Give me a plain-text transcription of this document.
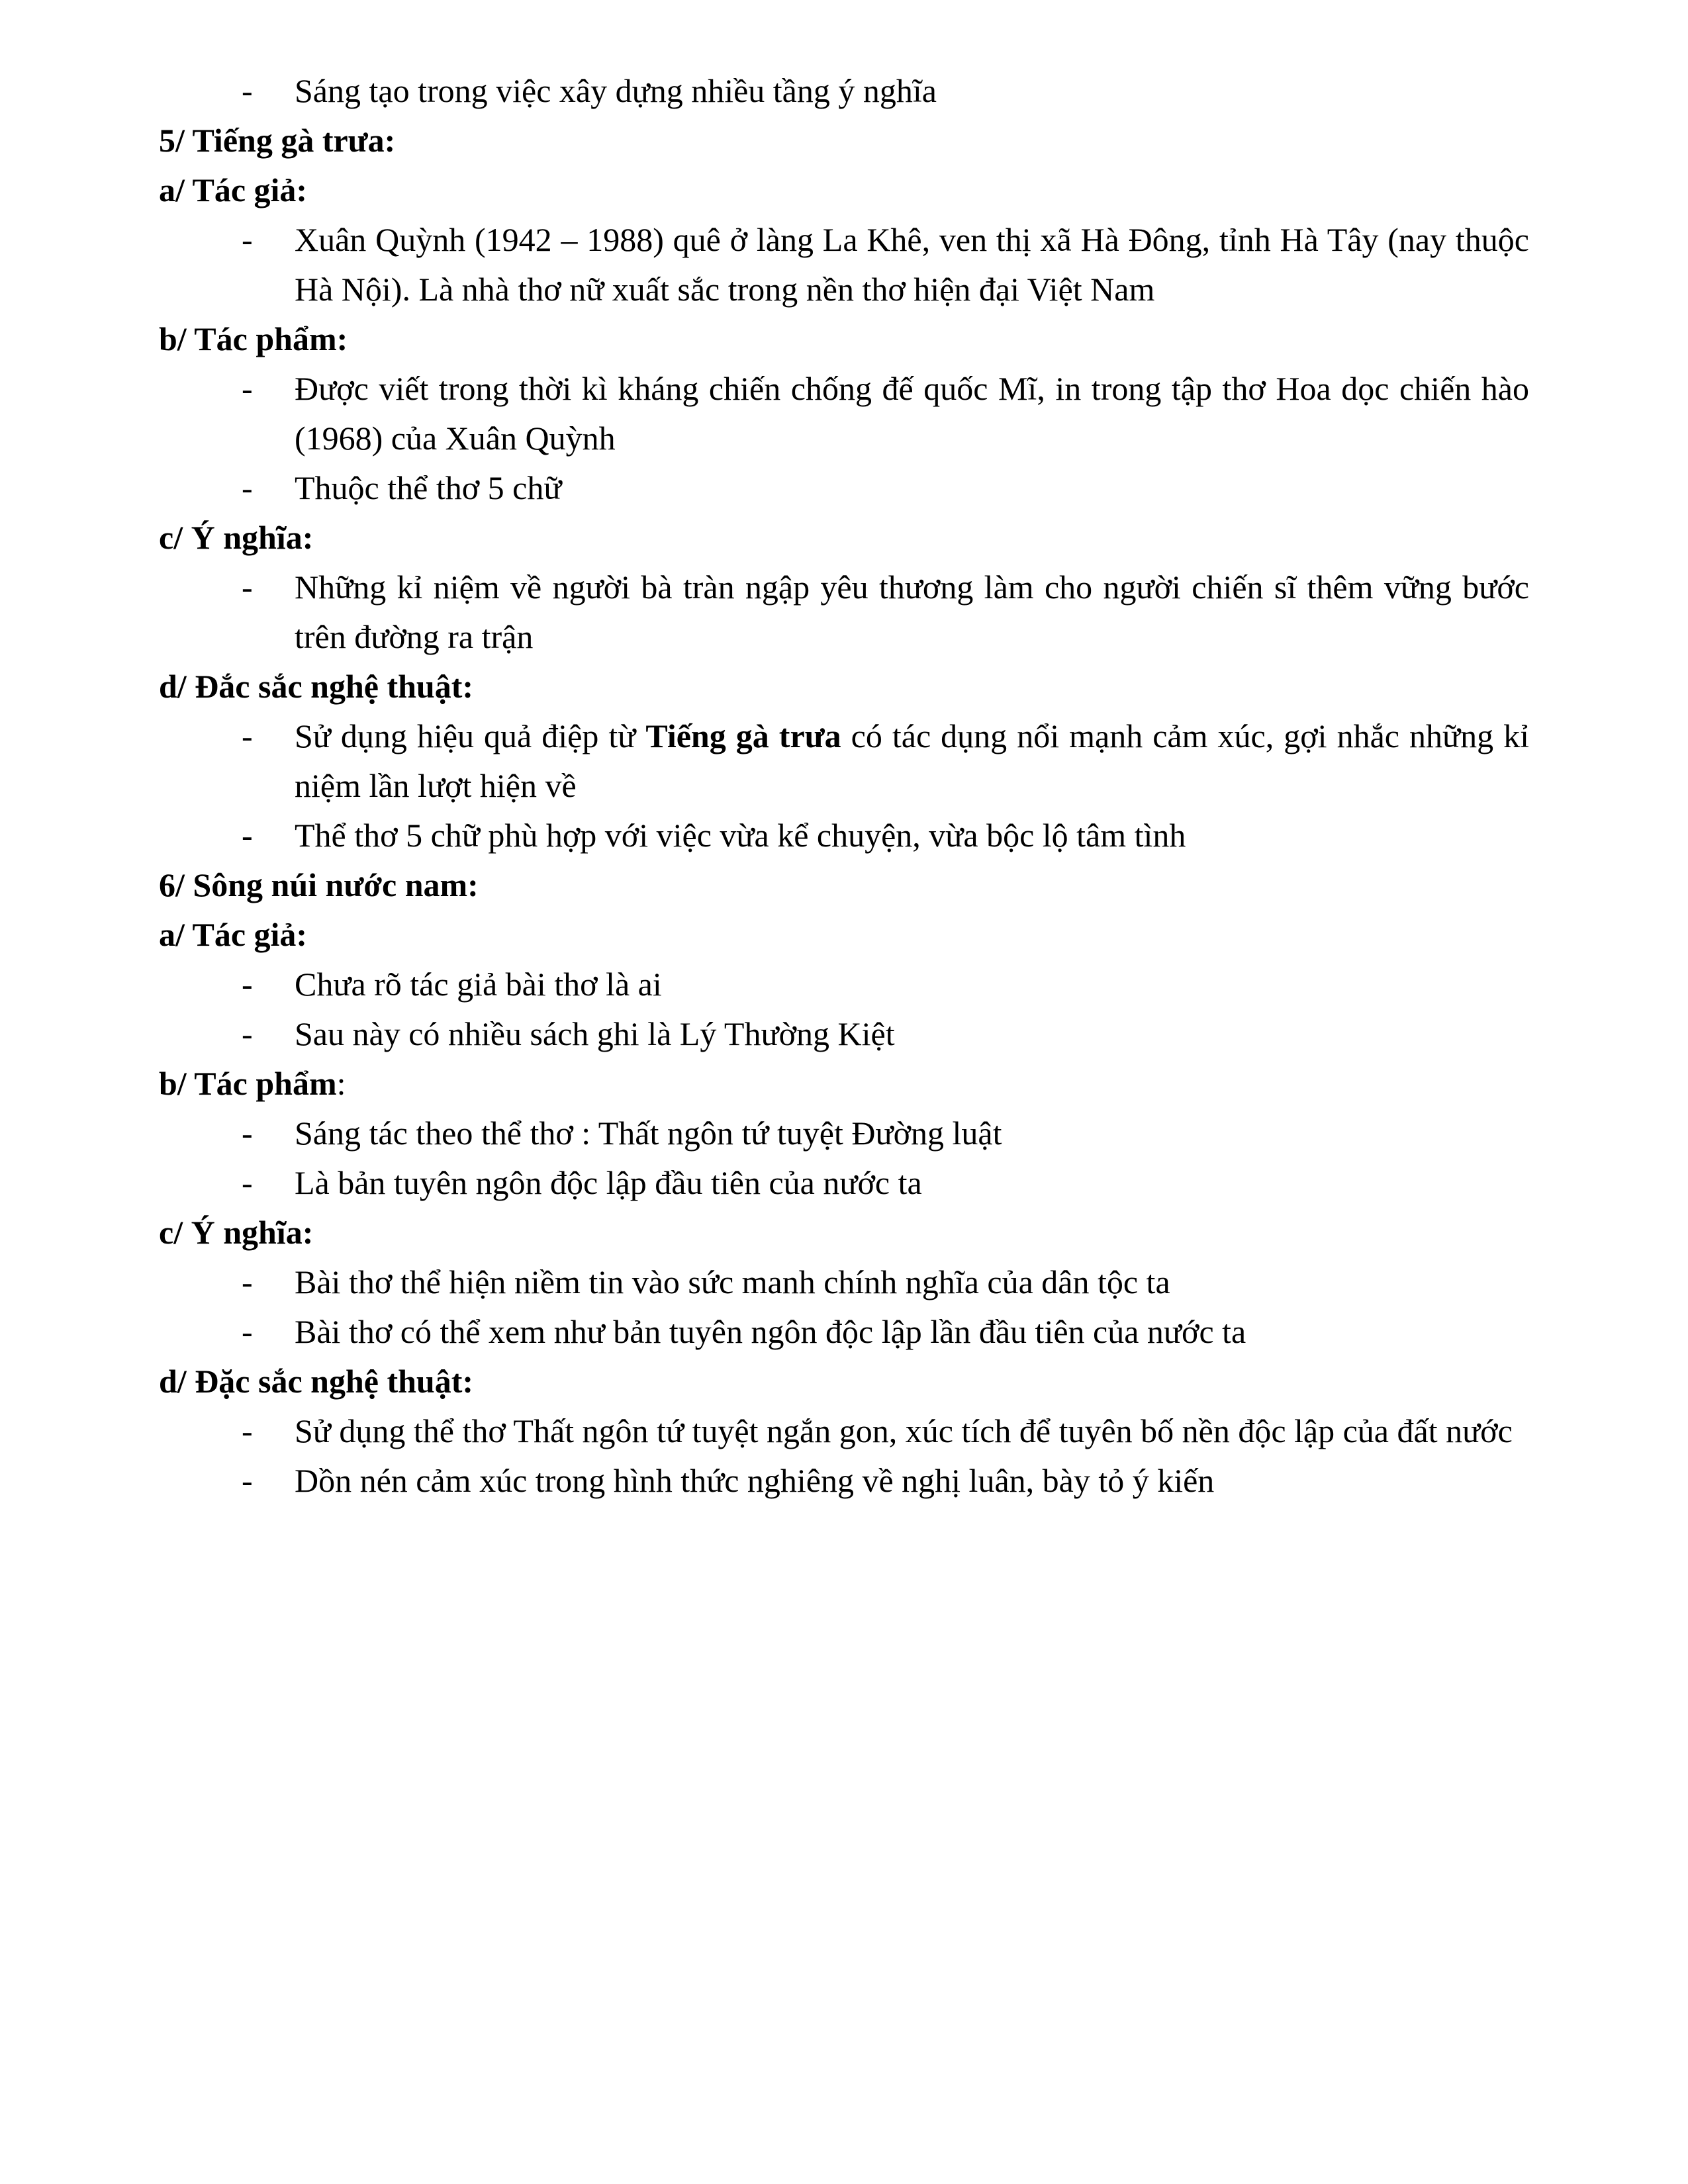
- Sáng tạo trong việc xây dựng nhiều tầng ý nghĩa
5/ Tiếng gà trưa:
a/ Tác giả:
- Xuân Quỳnh (1942 – 1988) quê ở làng La Khê, ven thị xã Hà Đông, tỉnh Hà Tây (nay thuộc Hà Nội). Là nhà thơ nữ xuất sắc trong nền thơ hiện đại Việt Nam
b/ Tác phẩm:
- Được viết trong thời kì kháng chiến chống đế quốc Mĩ, in trong tập thơ Hoa dọc chiến hào (1968) của Xuân Quỳnh
- Thuộc thể thơ 5 chữ
c/ Ý nghĩa:
- Những kỉ niệm về người bà tràn ngập yêu thương làm cho người chiến sĩ thêm vững bước trên đường ra trận
d/ Đắc sắc nghệ thuật:
- Sử dụng hiệu quả điệp từ Tiếng gà trưa có tác dụng nổi mạnh cảm xúc, gợi nhắc những kỉ niệm lần lượt hiện về
- Thể thơ 5 chữ phù hợp với việc vừa kể chuyện, vừa bộc lộ tâm tình
6/ Sông núi nước nam:
a/ Tác giả:
- Chưa rõ tác giả bài thơ là ai
- Sau này có nhiều sách ghi là Lý Thường Kiệt
b/ Tác phẩm:
- Sáng tác theo thể thơ : Thất ngôn tứ tuyệt Đường luật
- Là bản tuyên ngôn độc lập đầu tiên của nước ta
c/ Ý nghĩa:
- Bài thơ thể hiện niềm tin vào sức manh chính nghĩa của dân tộc ta
- Bài thơ có thể xem như bản tuyên ngôn độc lập lần đầu tiên của nước ta
d/ Đặc sắc nghệ thuật:
- Sử dụng thể thơ Thất ngôn tứ tuyệt ngắn gon, xúc tích để tuyên bố nền độc lập của đất nước
- Dồn nén cảm xúc trong hình thức nghiêng về nghị luân, bày tỏ ý kiến
